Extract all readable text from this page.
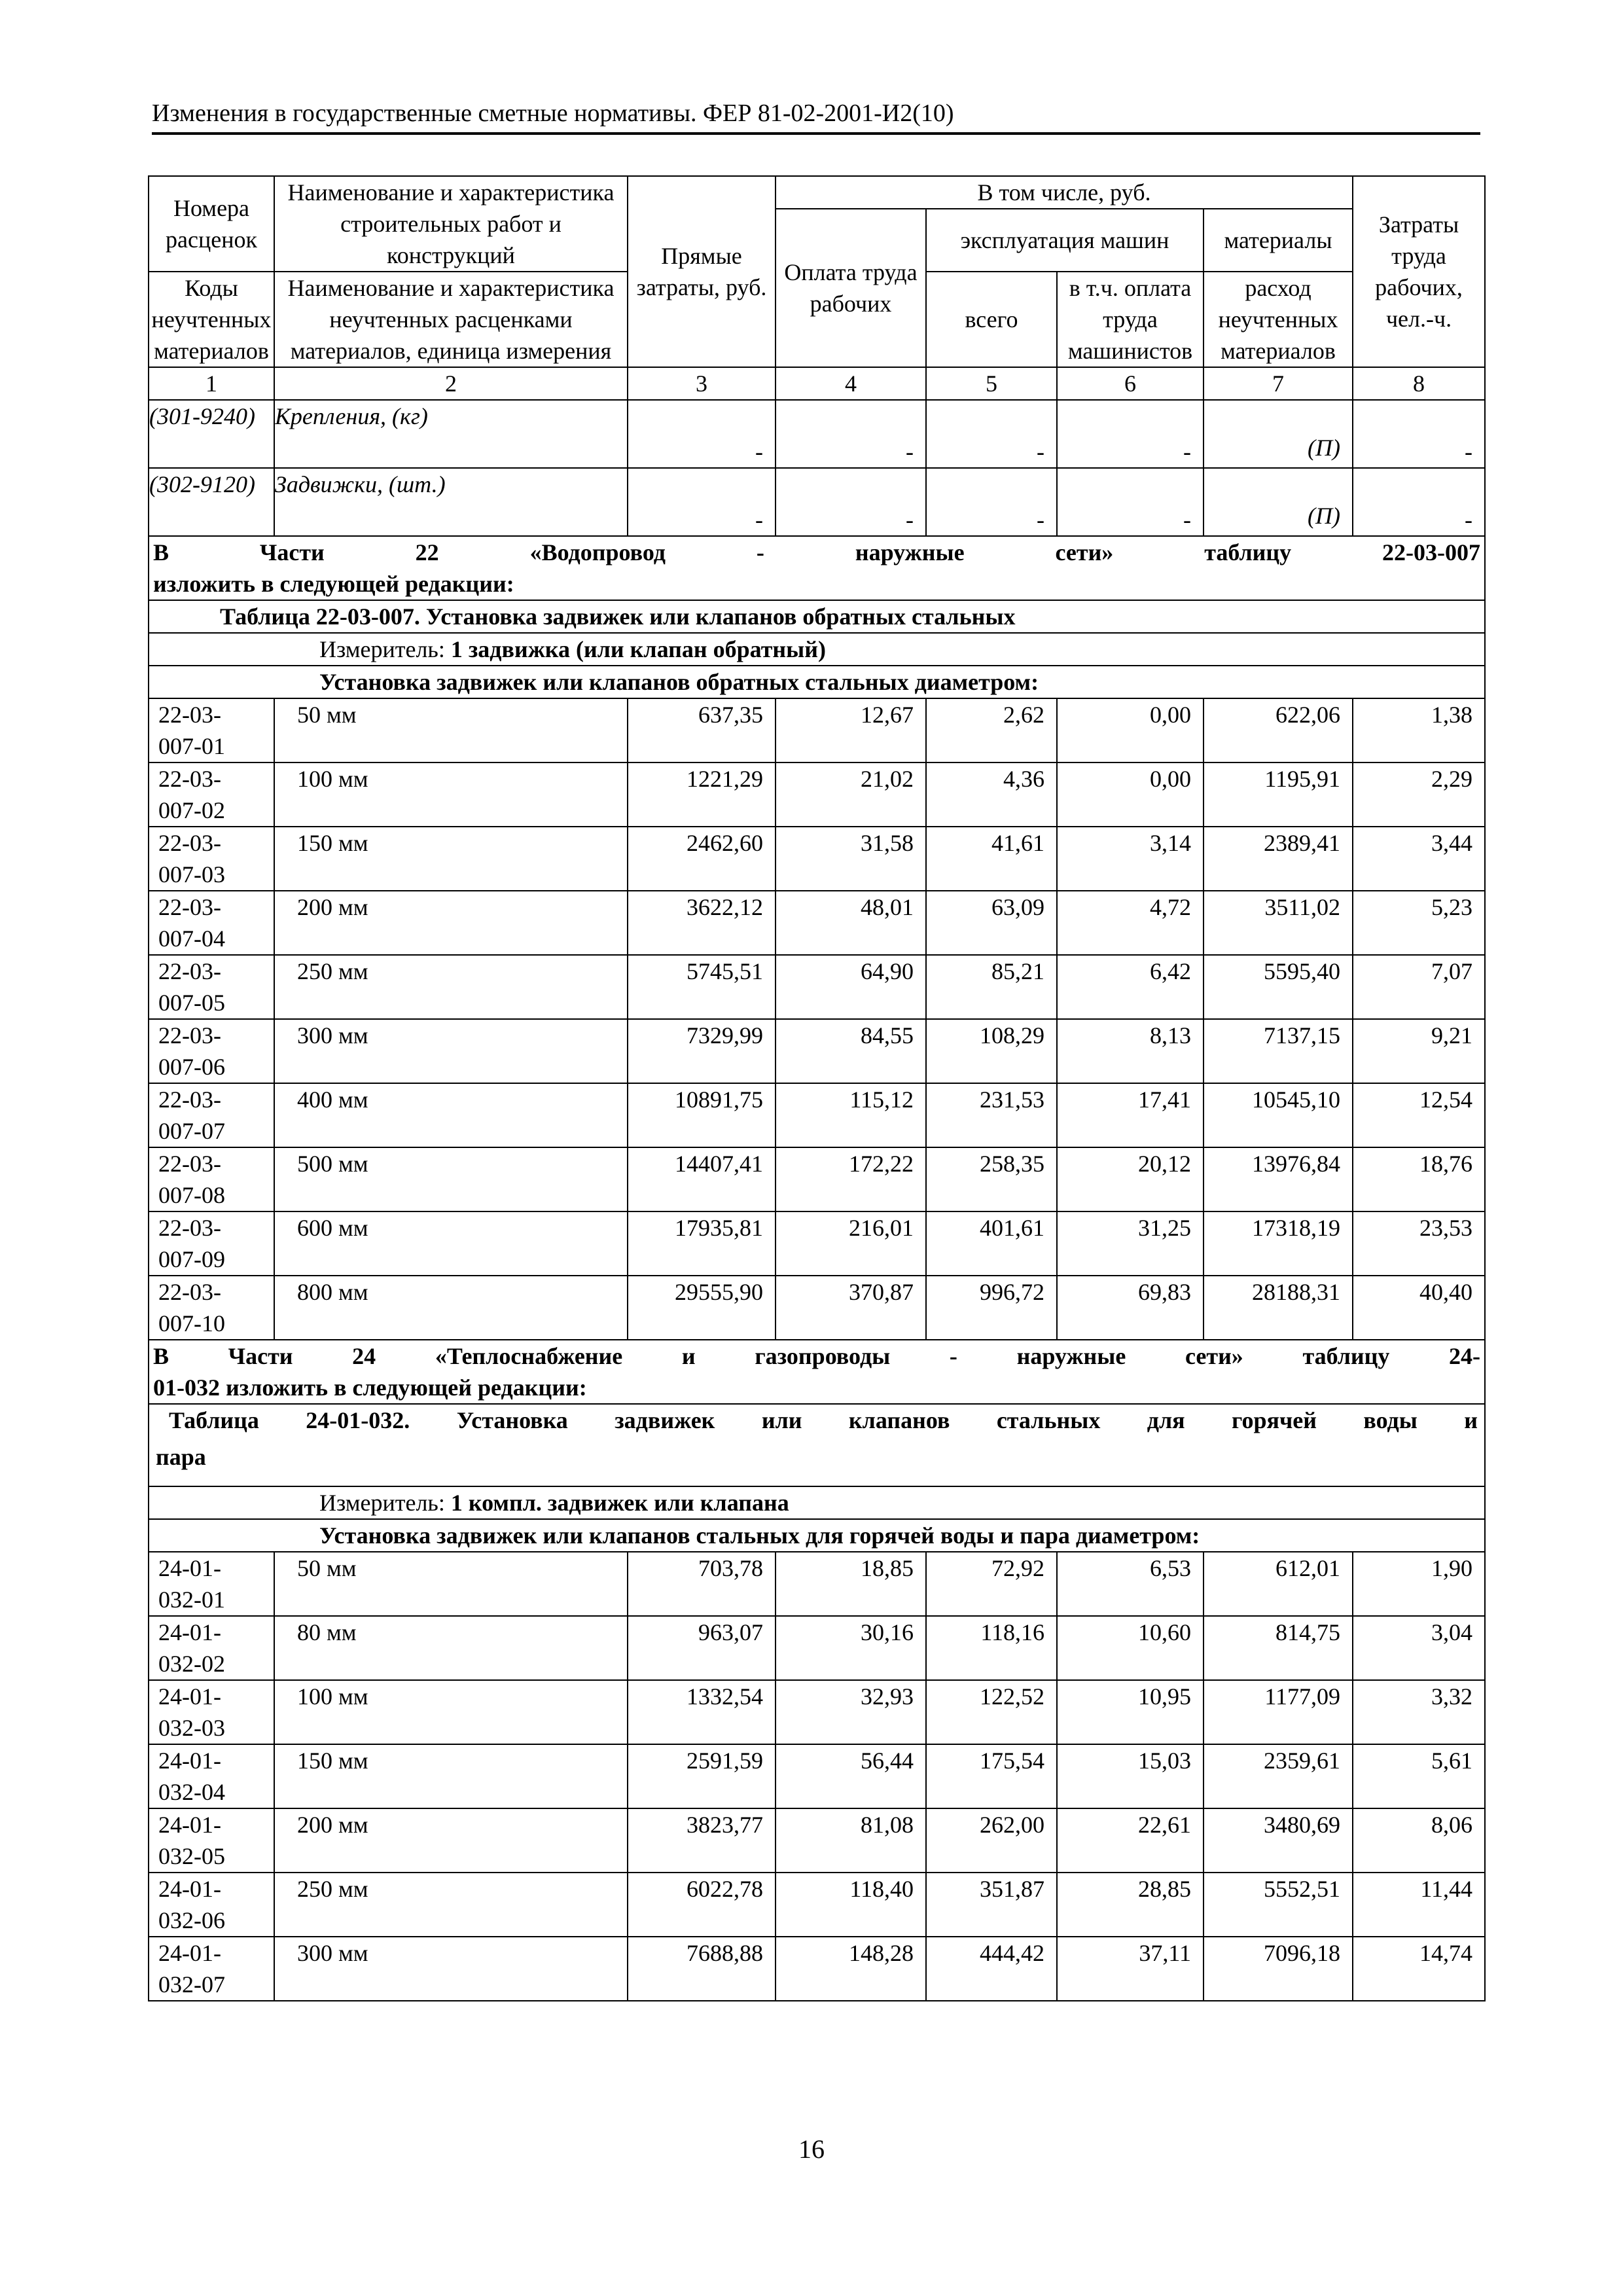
Изменения в государственные сметные нормативы. ФЕР 81-02-2001-И2(10)
Номера расценок	Наименование и характеристика строительных работ и конструкций	Прямые затраты, руб.	В том числе, руб.				Затраты труда рабочих, чел.-ч.
			Оплата труда рабочих	эксплуатация машин		материалы	
Коды неучтенных материалов	Наименование и характеристика неучтенных расценками материалов, единица измерения			всего	в т.ч. оплата труда машинистов	расход неучтенных материалов	

1	2	3	4	5	6	7	8
(301-9240)	Крепления, (кг)	-	-	-	-	(П)	-
(302-9120)	Задвижки, (шт.)	-	-	-	-	(П)	-

В Части 22 «Водопровод - наружные сети» таблицу 22-03-007
изложить в следующей редакции:							

Таблица 22-03-007. Установка задвижек или клапанов обратных стальных							
Измеритель: 1 задвижка (или клапан обратный)							
Установка задвижек или клапанов обратных стальных диаметром:							

22-03-
007-01	50 мм	637,35	12,67	2,62	0,00	622,06	1,38

22-03-
007-02	100 мм	1221,29	21,02	4,36	0,00	1195,91	2,29

22-03-
007-03	150 мм	2462,60	31,58	41,61	3,14	2389,41	3,44

22-03-
007-04	200 мм	3622,12	48,01	63,09	4,72	3511,02	5,23

22-03-
007-05	250 мм	5745,51	64,90	85,21	6,42	5595,40	7,07

22-03-
007-06	300 мм	7329,99	84,55	108,29	8,13	7137,15	9,21

22-03-
007-07	400 мм	10891,75	115,12	231,53	17,41	10545,10	12,54

22-03-
007-08	500 мм	14407,41	172,22	258,35	20,12	13976,84	18,76

22-03-
007-09	600 мм	17935,81	216,01	401,61	31,25	17318,19	23,53

22-03-
007-10	800 мм	29555,90	370,87	996,72	69,83	28188,31	40,40

В Части 24 «Теплоснабжение и газопроводы - наружные сети» таблицу 24-
01-032 изложить в следующей редакции:							

Таблица 24-01-032. Установка задвижек или клапанов стальных для горячей воды и
пара							

Измеритель: 1 компл. задвижек или клапана							
Установка задвижек или клапанов стальных для горячей воды и пара диаметром:							

24-01-
032-01	50 мм	703,78	18,85	72,92	6,53	612,01	1,90

24-01-
032-02	80 мм	963,07	30,16	118,16	10,60	814,75	3,04

24-01-
032-03	100 мм	1332,54	32,93	122,52	10,95	1177,09	3,32

24-01-
032-04	150 мм	2591,59	56,44	175,54	15,03	2359,61	5,61

24-01-
032-05	200 мм	3823,77	81,08	262,00	22,61	3480,69	8,06

24-01-
032-06	250 мм	6022,78	118,40	351,87	28,85	5552,51	11,44

24-01-
032-07	300 мм	7688,88	148,28	444,42	37,11	7096,18	14,74
16
